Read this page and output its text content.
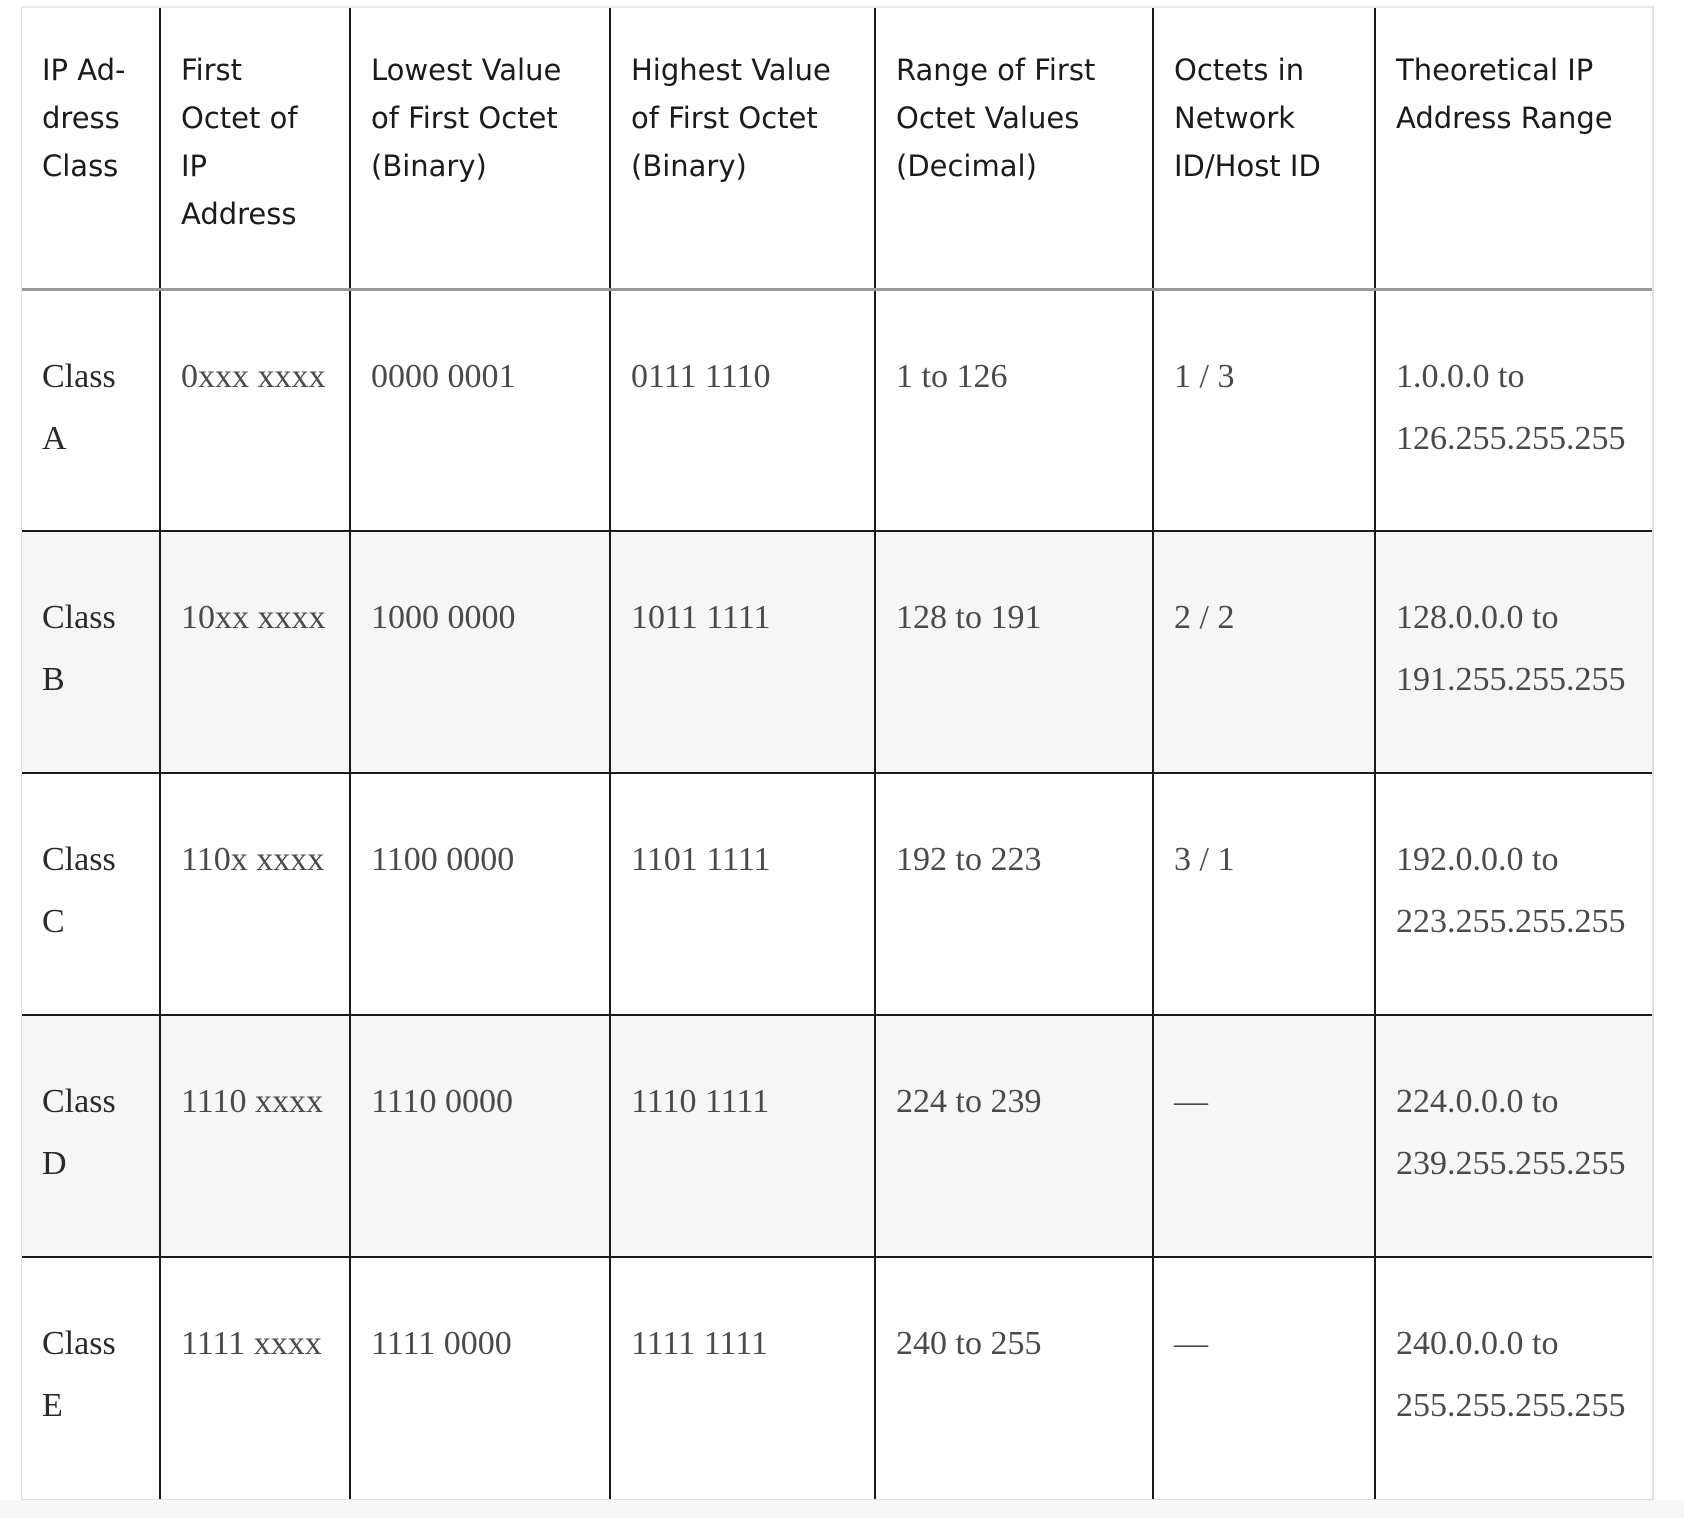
IP Address Class	First Octet of IP Address	Lowest Value of First Octet (Binary)	Highest Value of First Octet (Binary)	Range of First Octet Values (Decimal)	Octets in Network ID/Host ID	Theoretical IP Address Range
Class A	0xxx xxxx	0000 0001	0111 1110	1 to 126	1 / 3	1.0.0.0 to 126.255.255.255
Class B	10xx xxxx	1000 0000	1011 1111	128 to 191	2 / 2	128.0.0.0 to 191.255.255.255
Class C	110x xxxx	1100 0000	1101 1111	192 to 223	3 / 1	192.0.0.0 to 223.255.255.255
Class D	1110 xxxx	1110 0000	1110 1111	224 to 239	—	224.0.0.0 to 239.255.255.255
Class E	1111 xxxx	1111 0000	1111 1111	240 to 255	—	240.0.0.0 to 255.255.255.255
